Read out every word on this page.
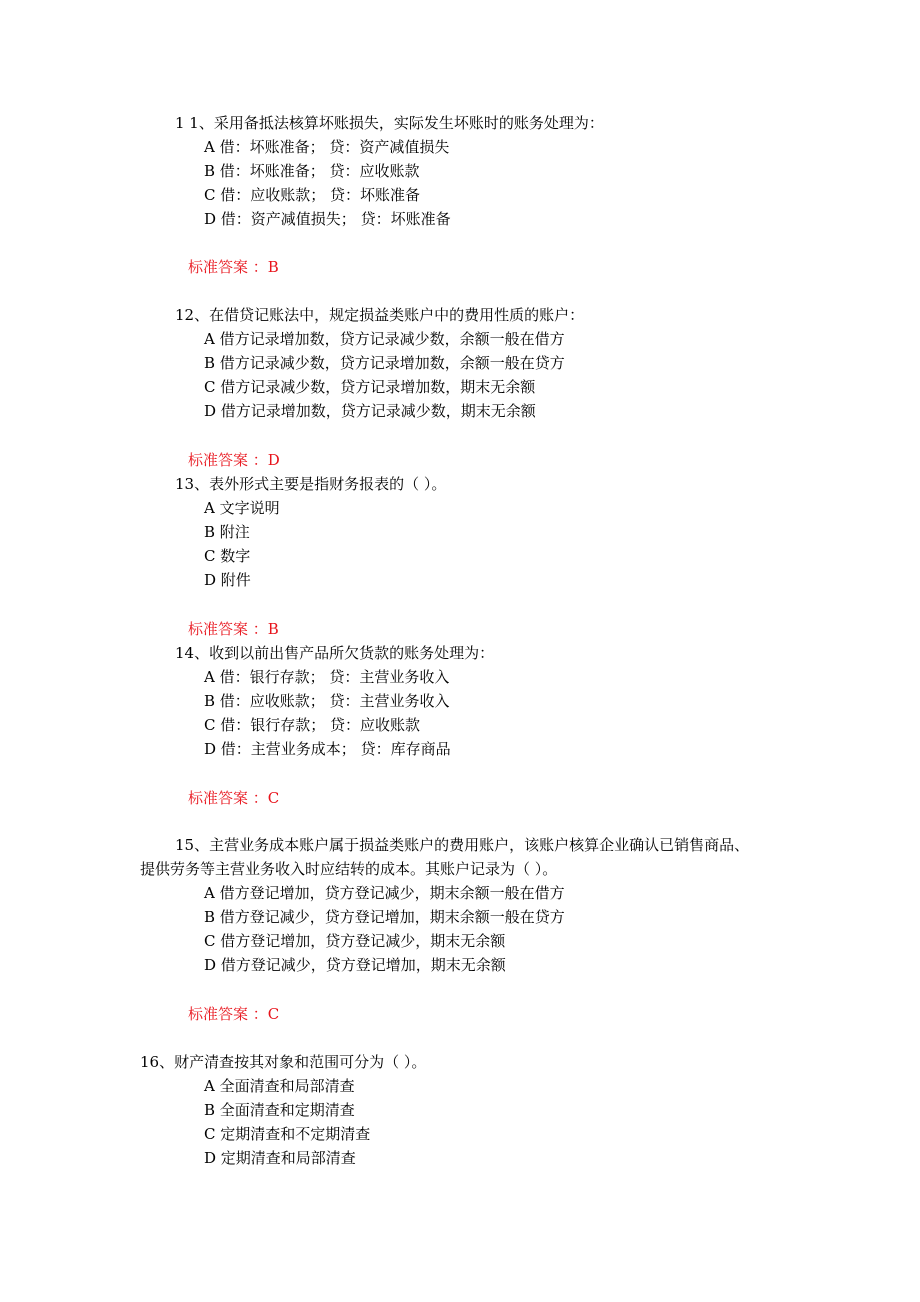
1 1、采用备抵法核算坏账损失，实际发生坏账时的账务处理为：
A 借：坏账准备； 贷：资产减值损失
B 借：坏账准备； 贷：应收账款
C 借：应收账款； 贷：坏账准备
D 借：资产减值损失； 贷：坏账准备
标准答案 ：B
12、在借贷记账法中，规定损益类账户中的费用性质的账户：
A 借方记录增加数，贷方记录减少数，余额一般在借方
B 借方记录减少数，贷方记录增加数，余额一般在贷方
C 借方记录减少数，贷方记录增加数，期末无余额
D 借方记录增加数，贷方记录减少数，期末无余额
标准答案 ：D
13、表外形式主要是指财务报表的（ ）。
A 文字说明
B 附注
C 数字
D 附件
标准答案 ：B
14、收到以前出售产品所欠货款的账务处理为：
A 借：银行存款； 贷：主营业务收入
B 借：应收账款； 贷：主营业务收入
C 借：银行存款； 贷：应收账款
D 借：主营业务成本； 贷：库存商品
标准答案 ：C
15、主营业务成本账户属于损益类账户的费用账户，该账户核算企业确认已销售商品、
提供劳务等主营业务收入时应结转的成本。其账户记录为（ ）。
A 借方登记增加，贷方登记减少，期末余额一般在借方
B 借方登记减少，贷方登记增加，期末余额一般在贷方
C 借方登记增加，贷方登记减少，期末无余额
D 借方登记减少，贷方登记增加，期末无余额
标准答案 ：C
16、财产清查按其对象和范围可分为（ ）。
A 全面清查和局部清查
B 全面清查和定期清查
C 定期清查和不定期清查
D 定期清查和局部清查
